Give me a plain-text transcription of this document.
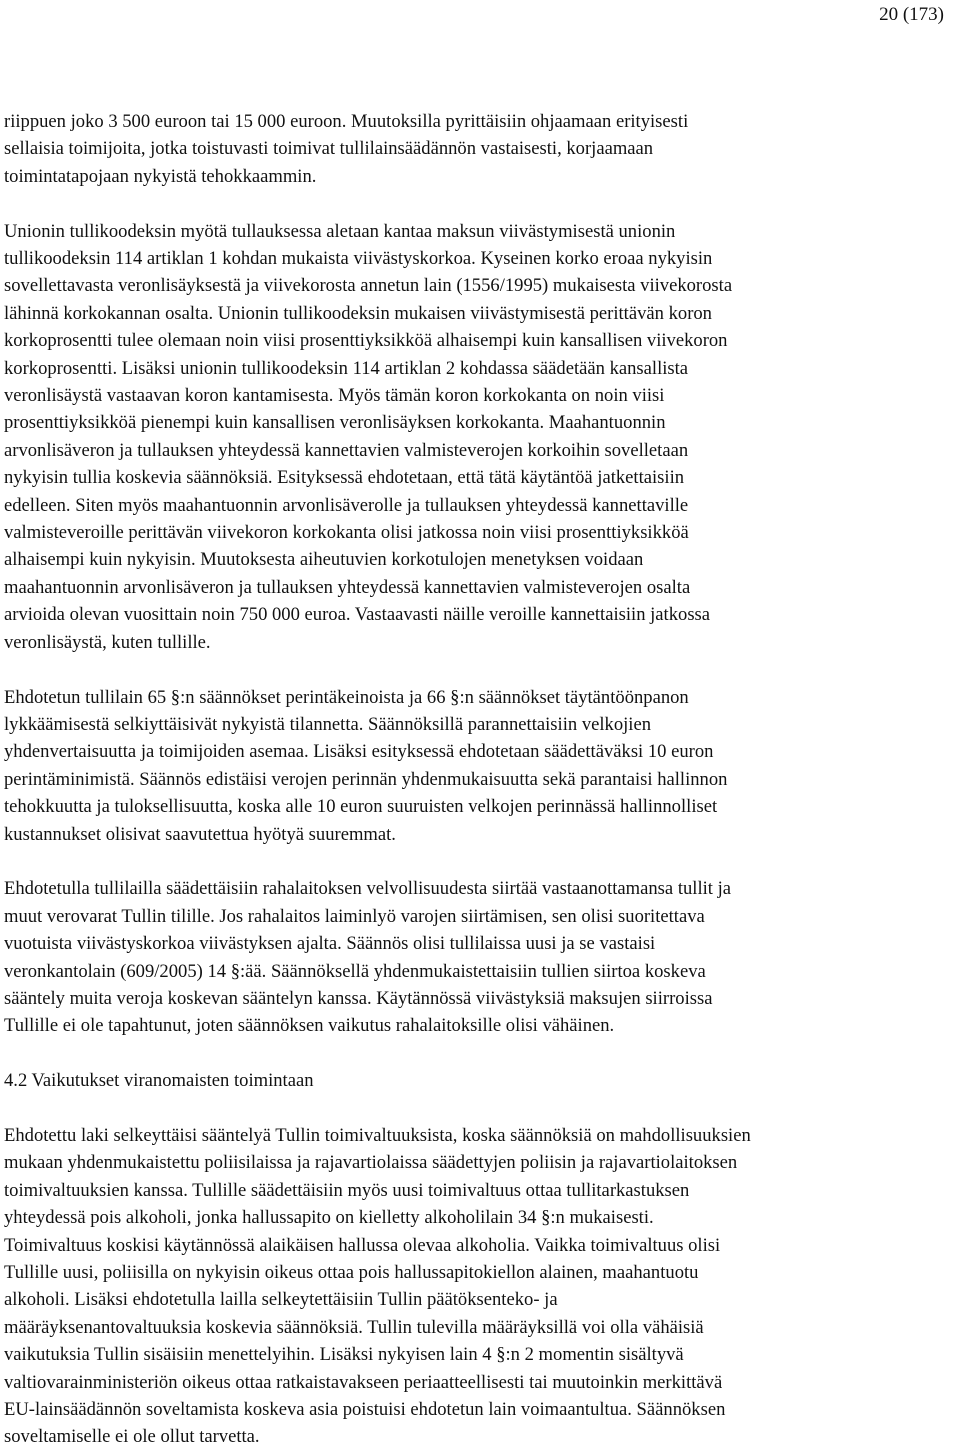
20 (173)

riippuen joko 3 500 euroon tai 15 000 euroon. Muutoksilla pyrittäisiin ohjaamaan erityisesti
sellaisia toimijoita, jotka toistuvasti toimivat tullilainsäädännön vastaisesti, korjaamaan
toimintatapojaan nykyistä tehokkaammin.

Unionin tullikoodeksin myötä tullauksessa aletaan kantaa maksun viivästymisestä unionin
tullikoodeksin 114 artiklan 1 kohdan mukaista viivästyskorkoa. Kyseinen korko eroaa nykyisin
sovellettavasta veronlisäyksestä ja viivekorosta annetun lain (1556/1995) mukaisesta viivekorosta
lähinnä korkokannan osalta. Unionin tullikoodeksin mukaisen viivästymisestä perittävän koron
korkoprosentti tulee olemaan noin viisi prosenttiyksikköä alhaisempi kuin kansallisen viivekoron
korkoprosentti. Lisäksi unionin tullikoodeksin 114 artiklan 2 kohdassa säädetään kansallista
veronlisäystä vastaavan koron kantamisesta. Myös tämän koron korkokanta on noin viisi
prosenttiyksikköä pienempi kuin kansallisen veronlisäyksen korkokanta. Maahantuonnin
arvonlisäveron ja tullauksen yhteydessä kannettavien valmisteverojen korkoihin sovelletaan
nykyisin tullia koskevia säännöksiä. Esityksessä ehdotetaan, että tätä käytäntöä jatkettaisiin
edelleen. Siten myös maahantuonnin arvonlisäverolle ja tullauksen yhteydessä kannettaville
valmisteveroille perittävän viivekoron korkokanta olisi jatkossa noin viisi prosenttiyksikköä
alhaisempi kuin nykyisin. Muutoksesta aiheutuvien korkotulojen menetyksen voidaan
maahantuonnin arvonlisäveron ja tullauksen yhteydessä kannettavien valmisteverojen osalta
arvioida olevan vuosittain noin 750 000 euroa. Vastaavasti näille veroille kannettaisiin jatkossa
veronlisäystä, kuten tullille.

Ehdotetun tullilain 65 §:n säännökset perintäkeinoista ja 66 §:n säännökset täytäntöönpanon
lykkäämisestä selkiyttäisivät nykyistä tilannetta. Säännöksillä parannettaisiin velkojien
yhdenvertaisuutta ja toimijoiden asemaa. Lisäksi esityksessä ehdotetaan säädettäväksi 10 euron
perintäminimistä. Säännös edistäisi verojen perinnän yhdenmukaisuutta sekä parantaisi hallinnon
tehokkuutta ja tuloksellisuutta, koska alle 10 euron suuruisten velkojen perinnässä hallinnolliset
kustannukset olisivat saavutettua hyötyä suuremmat.

Ehdotetulla tullilailla säädettäisiin rahalaitoksen velvollisuudesta siirtää vastaanottamansa tullit ja
muut verovarat Tullin tilille. Jos rahalaitos laiminlyö varojen siirtämisen, sen olisi suoritettava
vuotuista viivästyskorkoa viivästyksen ajalta. Säännös olisi tullilaissa uusi ja se vastaisi
veronkantolain (609/2005) 14 §:ää. Säännöksellä yhdenmukaistettaisiin tullien siirtoa koskeva
sääntely muita veroja koskevan sääntelyn kanssa. Käytännössä viivästyksiä maksujen siirroissa
Tullille ei ole tapahtunut, joten säännöksen vaikutus rahalaitoksille olisi vähäinen.

4.2 Vaikutukset viranomaisten toimintaan

Ehdotettu laki selkeyttäisi sääntelyä Tullin toimivaltuuksista, koska säännöksiä on mahdollisuuksien
mukaan yhdenmukaistettu poliisilaissa ja rajavartiolaissa säädettyjen poliisin ja rajavartiolaitoksen
toimivaltuuksien kanssa. Tullille säädettäisiin myös uusi toimivaltuus ottaa tullitarkastuksen
yhteydessä pois alkoholi, jonka hallussapito on kielletty alkoholilain 34 §:n mukaisesti.
Toimivaltuus koskisi käytännössä alaikäisen hallussa olevaa alkoholia. Vaikka toimivaltuus olisi
Tullille uusi, poliisilla on nykyisin oikeus ottaa pois hallussapitokiellon alainen, maahantuotu
alkoholi. Lisäksi ehdotetulla lailla selkeytettäisiin Tullin päätöksenteko- ja
määräyksenantovaltuuksia koskevia säännöksiä. Tullin tulevilla määräyksillä voi olla vähäisiä
vaikutuksia Tullin sisäisiin menettelyihin. Lisäksi nykyisen lain 4 §:n 2 momentin sisältyvä
valtiovarainministeriön oikeus ottaa ratkaistavakseen periaatteellisesti tai muutoinkin merkittävä
EU-lainsäädännön soveltamista koskeva asia poistuisi ehdotetun lain voimaantultua. Säännöksen
soveltamiselle ei ole ollut tarvetta.
